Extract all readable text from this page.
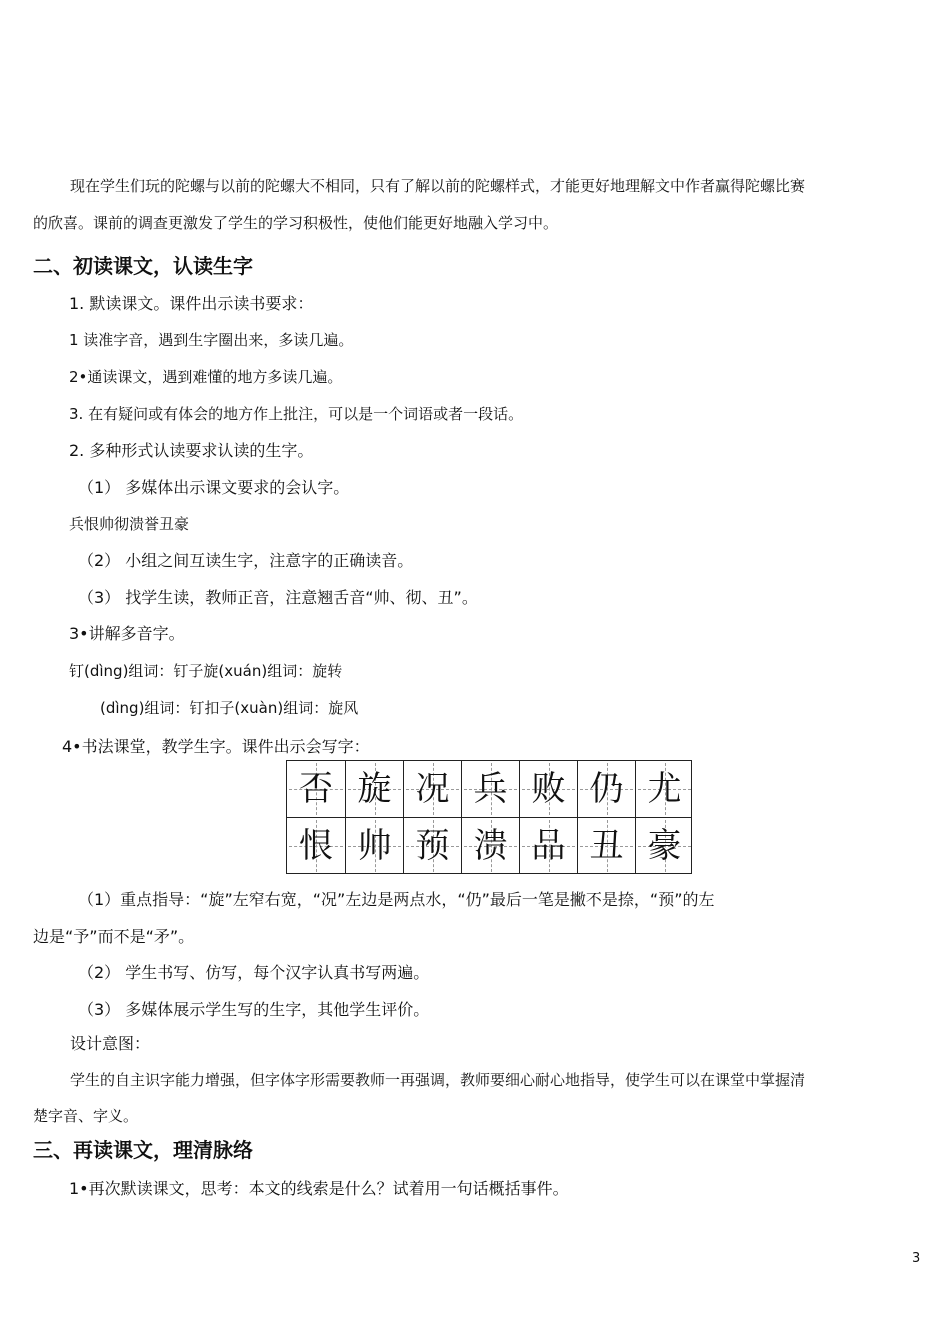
现在学生们玩的陀螺与以前的陀螺大不相同，只有了解以前的陀螺样式，才能更好地理解文中作者赢得陀螺比赛
的欣喜。课前的调查更激发了学生的学习积极性，使他们能更好地融入学习中。
二、初读课文，认读生字
1. 默读课文。课件出示读书要求：
1 读准字音，遇到生字圈出来，多读几遍。
2•通读课文，遇到难懂的地方多读几遍。
3. 在有疑问或有体会的地方作上批注，可以是一个词语或者一段话。
2. 多种形式认读要求认读的生字。
（1） 多媒体出示课文要求的会认字。
兵恨帅彻溃誉丑豪
（2） 小组之间互读生字，注意字的正确读音。
（3） 找学生读，教师正音，注意翘舌音“帅、彻、丑”。
3•讲解多音字。
钉(dìng)组词：钉子旋(xuán)组词：旋转
(dìng)组词：钉扣子(xuàn)组词：旋风
4•书法课堂，教学生字。课件出示会写字：
否 旋 况 兵 败 仍 尤
恨 帅 预 溃 品 丑 豪
（1）重点指导：“旋”左窄右宽，“况”左边是两点水，“仍”最后一笔是撇不是捺，“预”的左
边是“予”而不是“矛”。
（2） 学生书写、仿写，每个汉字认真书写两遍。
（3） 多媒体展示学生写的生字，其他学生评价。
设计意图：
学生的自主识字能力增强，但字体字形需要教师一再强调，教师要细心耐心地指导，使学生可以在课堂中掌握清
楚字音、字义。
三、再读课文，理清脉络
1•再次默读课文，思考：本文的线索是什么？试着用一句话概括事件。
3
